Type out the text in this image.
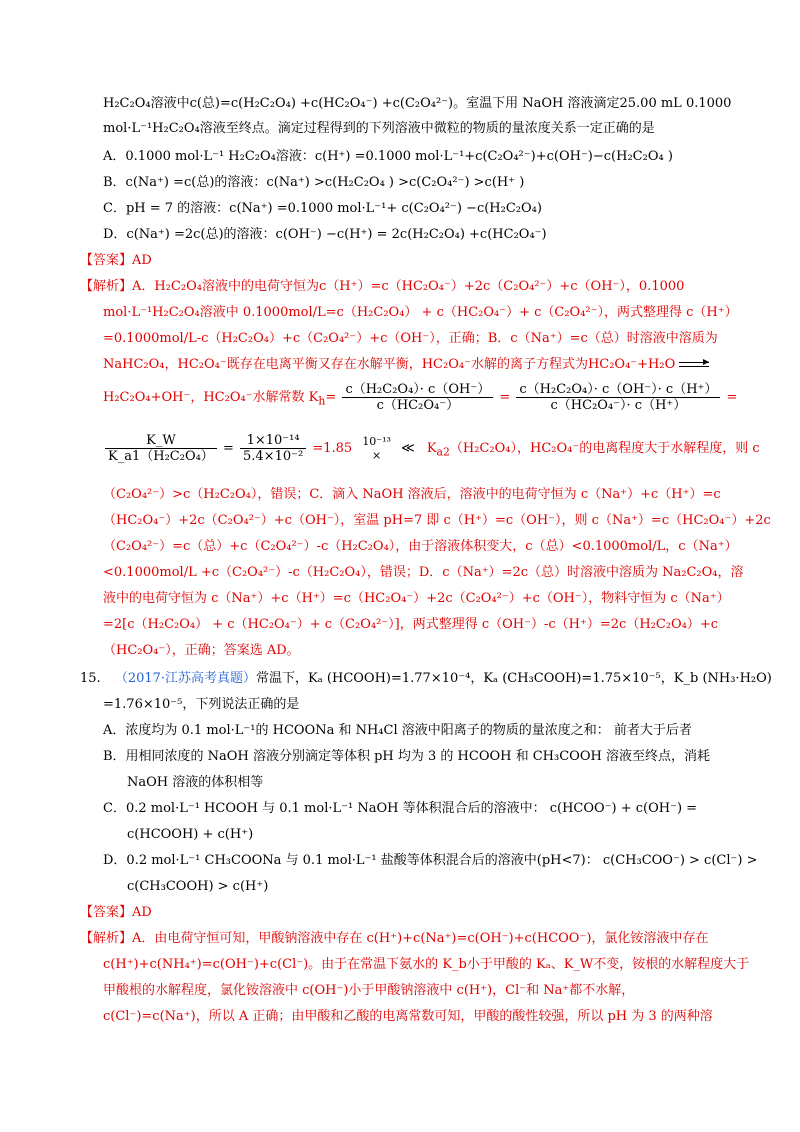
H₂C₂O₄溶液中c(总)=c(H₂C₂O₄) +c(HC₂O₄⁻) +c(C₂O₄²⁻)。室温下用 NaOH 溶液滴定25.00 mL 0.1000
mol·L⁻¹H₂C₂O₄溶液至终点。滴定过程得到的下列溶液中微粒的物质的量浓度关系一定正确的是
A．0.1000 mol·L⁻¹ H₂C₂O₄溶液：c(H⁺) =0.1000 mol·L⁻¹+c(C₂O₄²⁻)+c(OH⁻)−c(H₂C₂O₄ )
B．c(Na⁺) =c(总)的溶液：c(Na⁺) >c(H₂C₂O₄ ) >c(C₂O₄²⁻) >c(H⁺ )
C．pH = 7 的溶液：c(Na⁺) =0.1000 mol·L⁻¹+ c(C₂O₄²⁻) −c(H₂C₂O₄)
D．c(Na⁺) =2c(总)的溶液：c(OH⁻) −c(H⁺) = 2c(H₂C₂O₄) +c(HC₂O₄⁻)
【答案】AD
【解析】A．H₂C₂O₄溶液中的电荷守恒为c（H⁺）=c（HC₂O₄⁻）+2c（C₂O₄²⁻）+c（OH⁻），0.1000
mol·L⁻¹H₂C₂O₄溶液中 0.1000mol/L=c（H₂C₂O₄） + c（HC₂O₄⁻）+ c（C₂O₄²⁻），两式整理得 c（H⁺）
=0.1000mol/L-c（H₂C₂O₄）+c（C₂O₄²⁻）+c（OH⁻），正确；B．c（Na⁺）=c（总）时溶液中溶质为
NaHC₂O₄，HC₂O₄⁻既存在电离平衡又存在水解平衡，HC₂O₄⁻水解的离子方程式为HC₂O₄⁻+H₂O
H₂C₂O₄+OH⁻，HC₂O₄⁻水解常数 $K_h= \frac{\text{c（H₂C₂O₄）· c（OH⁻）}}{\text{c（HC₂O₄⁻）}} = \frac{\text{c（H₂C₂O₄）· c（OH⁻）· c（H⁺）}}{\text{c（HC₂O₄⁻）· c（H⁺）}}$ =
$\frac{K\_W}{\text{K\_a1（H₂C₂O₄）}} = \frac{\text{1×10⁻¹⁴}}{\text{5.4×10⁻²}} =1.85$ 10⁻¹³
×	≪ $K_{a2}(H_2C_2O_4)$，HC₂O₄⁻的电离程度大于水解程度，则 c
（C₂O₄²⁻）>c（H₂C₂O₄），错误；C．滴入 NaOH 溶液后，溶液中的电荷守恒为 c（Na⁺）+c（H⁺）=c
（HC₂O₄⁻）+2c（C₂O₄²⁻）+c（OH⁻），室温 pH=7 即 c（H⁺）=c（OH⁻），则 c（Na⁺）=c（HC₂O₄⁻）+2c
（C₂O₄²⁻）=c（总）+c（C₂O₄²⁻）-c（H₂C₂O₄），由于溶液体积变大，c（总）<0.1000mol/L，c（Na⁺）
<0.1000mol/L +c（C₂O₄²⁻）-c（H₂C₂O₄），错误；D．c（Na⁺）=2c（总）时溶液中溶质为 Na₂C₂O₄，溶
液中的电荷守恒为 c（Na⁺）+c（H⁺）=c（HC₂O₄⁻）+2c（C₂O₄²⁻）+c（OH⁻），物料守恒为 c（Na⁺）
=2[c（H₂C₂O₄） + c（HC₂O₄⁻）+ c（C₂O₄²⁻）]，两式整理得 c（OH⁻）-c（H⁺）=2c（H₂C₂O₄）+c
（HC₂O₄⁻），正确；答案选 AD。
15. （2017·江苏高考真题）常温下，Kₐ (HCOOH)=1.77×10⁻⁴，Kₐ (CH₃COOH)=1.75×10⁻⁵，K_b (NH₃·H₂O)
=1.76×10⁻⁵，下列说法正确的是
A．浓度均为 0.1 mol·L⁻¹的 HCOONa 和 NH₄Cl 溶液中阳离子的物质的量浓度之和： 前者大于后者
B．用相同浓度的 NaOH 溶液分别滴定等体积 pH 均为 3 的 HCOOH 和 CH₃COOH 溶液至终点，消耗
NaOH 溶液的体积相等
C．0.2 mol·L⁻¹ HCOOH 与 0.1 mol·L⁻¹ NaOH 等体积混合后的溶液中： c(HCOO⁻) + c(OH⁻) =
c(HCOOH) + c(H⁺)
D．0.2 mol·L⁻¹ CH₃COONa 与 0.1 mol·L⁻¹ 盐酸等体积混合后的溶液中(pH<7)： c(CH₃COO⁻) > c(Cl⁻) >
c(CH₃COOH) > c(H⁺)
【答案】AD
【解析】A．由电荷守恒可知，甲酸钠溶液中存在 c(H⁺)+c(Na⁺)=c(OH⁻)+c(HCOO⁻)，氯化铵溶液中存在
c(H⁺)+c(NH₄⁺)=c(OH⁻)+c(Cl⁻)。由于在常温下氨水的 K_b小于甲酸的 Kₐ、K_W不变，铵根的水解程度大于
甲酸根的水解程度，氯化铵溶液中 c(OH⁻)小于甲酸钠溶液中 c(H⁺)，Cl⁻和 Na⁺都不水解，
c(Cl⁻)=c(Na⁺)，所以 A 正确；由甲酸和乙酸的电离常数可知，甲酸的酸性较强，所以 pH 为 3 的两种溶
